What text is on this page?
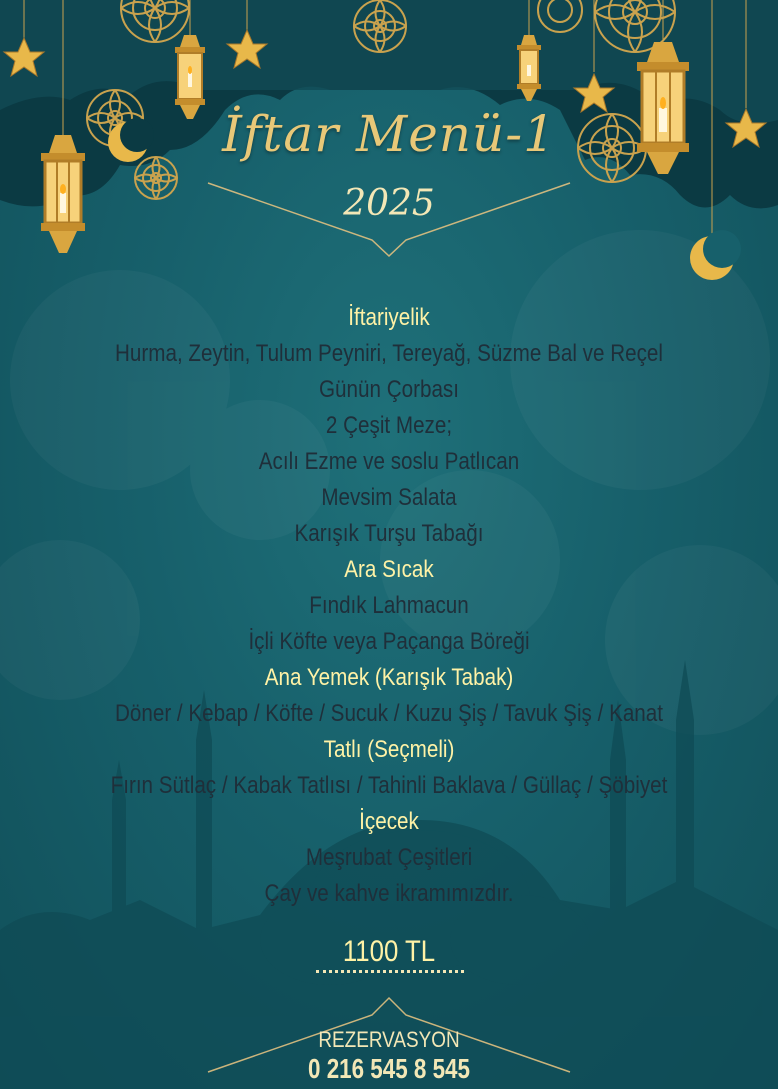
İftar Menü-1
2025
İftariyelik
Hurma, Zeytin, Tulum Peyniri, Tereyağ, Süzme Bal ve Reçel
Günün Çorbası
2 Çeşit Meze;
Acılı Ezme ve soslu Patlıcan
Mevsim Salata
Karışık Turşu Tabağı
Ara Sıcak
Fındık Lahmacun
İçli Köfte veya Paçanga Böreği
Ana Yemek (Karışık Tabak)
Döner / Kebap / Köfte / Sucuk / Kuzu Şiş / Tavuk Şiş / Kanat
Tatlı (Seçmeli)
Fırın Sütlaç / Kabak Tatlısı / Tahinli Baklava / Güllaç / Şöbiyet
İçecek
Meşrubat Çeşitleri
Çay ve kahve ikramımızdır.
1100 TL
REZERVASYON
0 216 545 8 545
